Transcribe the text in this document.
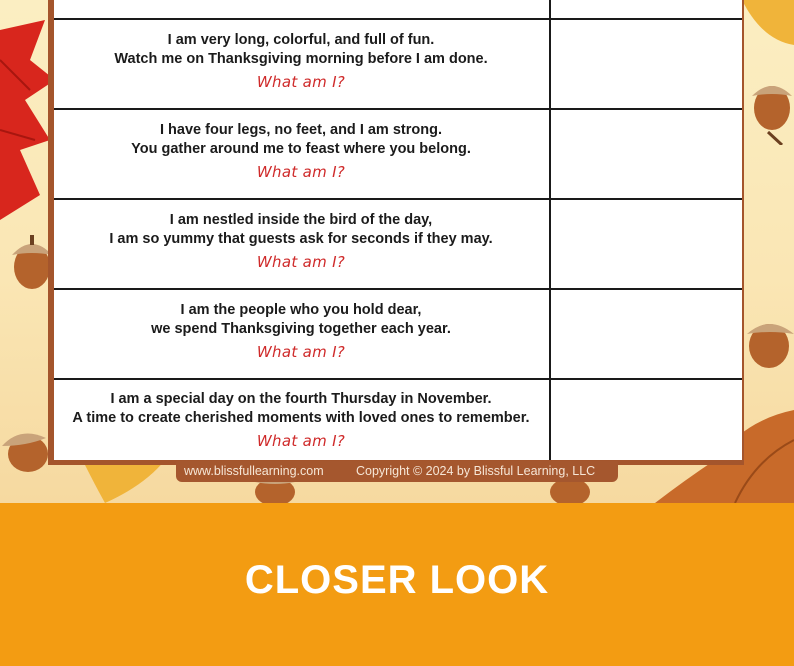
I am very long, colorful, and full of fun.
Watch me on Thanksgiving morning before I am done.
What am I?
I have four legs, no feet, and I am strong.
You gather around me to feast where you belong.
What am I?
I am nestled inside the bird of the day,
I am so yummy that guests ask for seconds if they may.
What am I?
I am the people who you hold dear,
we spend Thanksgiving together each year.
What am I?
I am a special day on the fourth Thursday in November.
A time to create cherished moments with loved ones to remember.
What am I?
www.blissfullearning.com	Copyright © 2024 by Blissful Learning, LLC
CLOSER LOOK
